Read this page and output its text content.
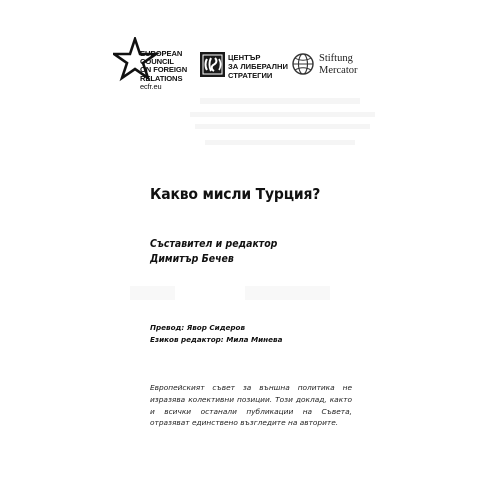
EUROPEAN
COUNCIL
ON FOREIGN
RELATIONS
ecfr.eu
ЦЕНТЪР
ЗА ЛИБЕРАЛНИ
СТРАТЕГИИ
Stiftung
Mercator
Какво мисли Турция?
Съставител и редактор
Димитър Бечев
Превод: Явор Сидеров
Езиков редактор: Мила Минева
Европейският съвет за външна политика не изразява колективни позиции. Този доклад, както и всички останали публикации на Съвета, отразяват единствено възгледите на авторите.
